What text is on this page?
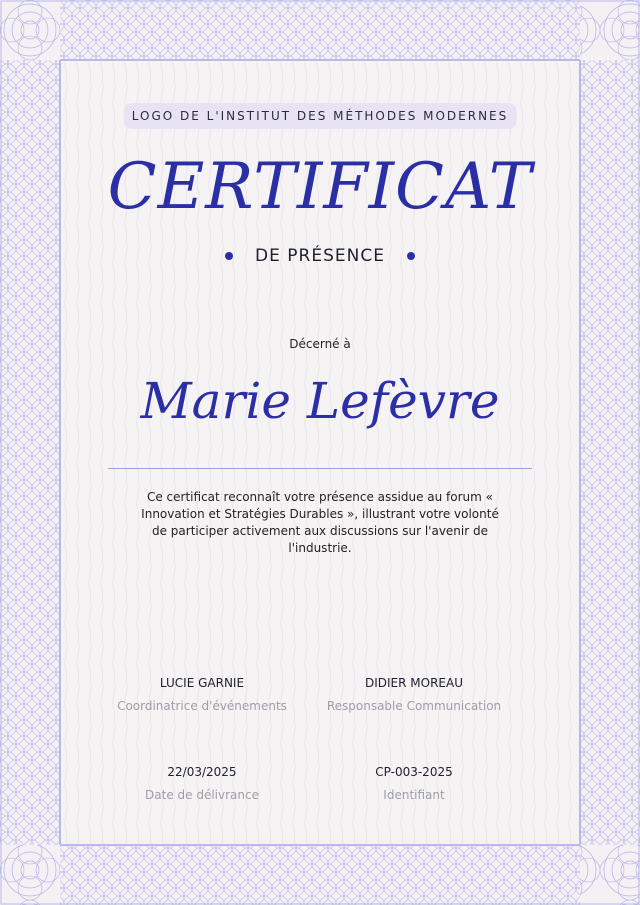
LOGO DE L'INSTITUT DES MÉTHODES MODERNES
CERTIFICAT
DE PRÉSENCE
Décerné à
Marie Lefèvre
Ce certificat reconnaît votre présence assidue au forum « Innovation et Stratégies Durables », illustrant votre volonté de participer activement aux discussions sur l'avenir de l'industrie.
LUCIE GARNIE
Coordinatrice d'événements
DIDIER MOREAU
Responsable Communication
22/03/2025
Date de délivrance
CP-003-2025
Identifiant
